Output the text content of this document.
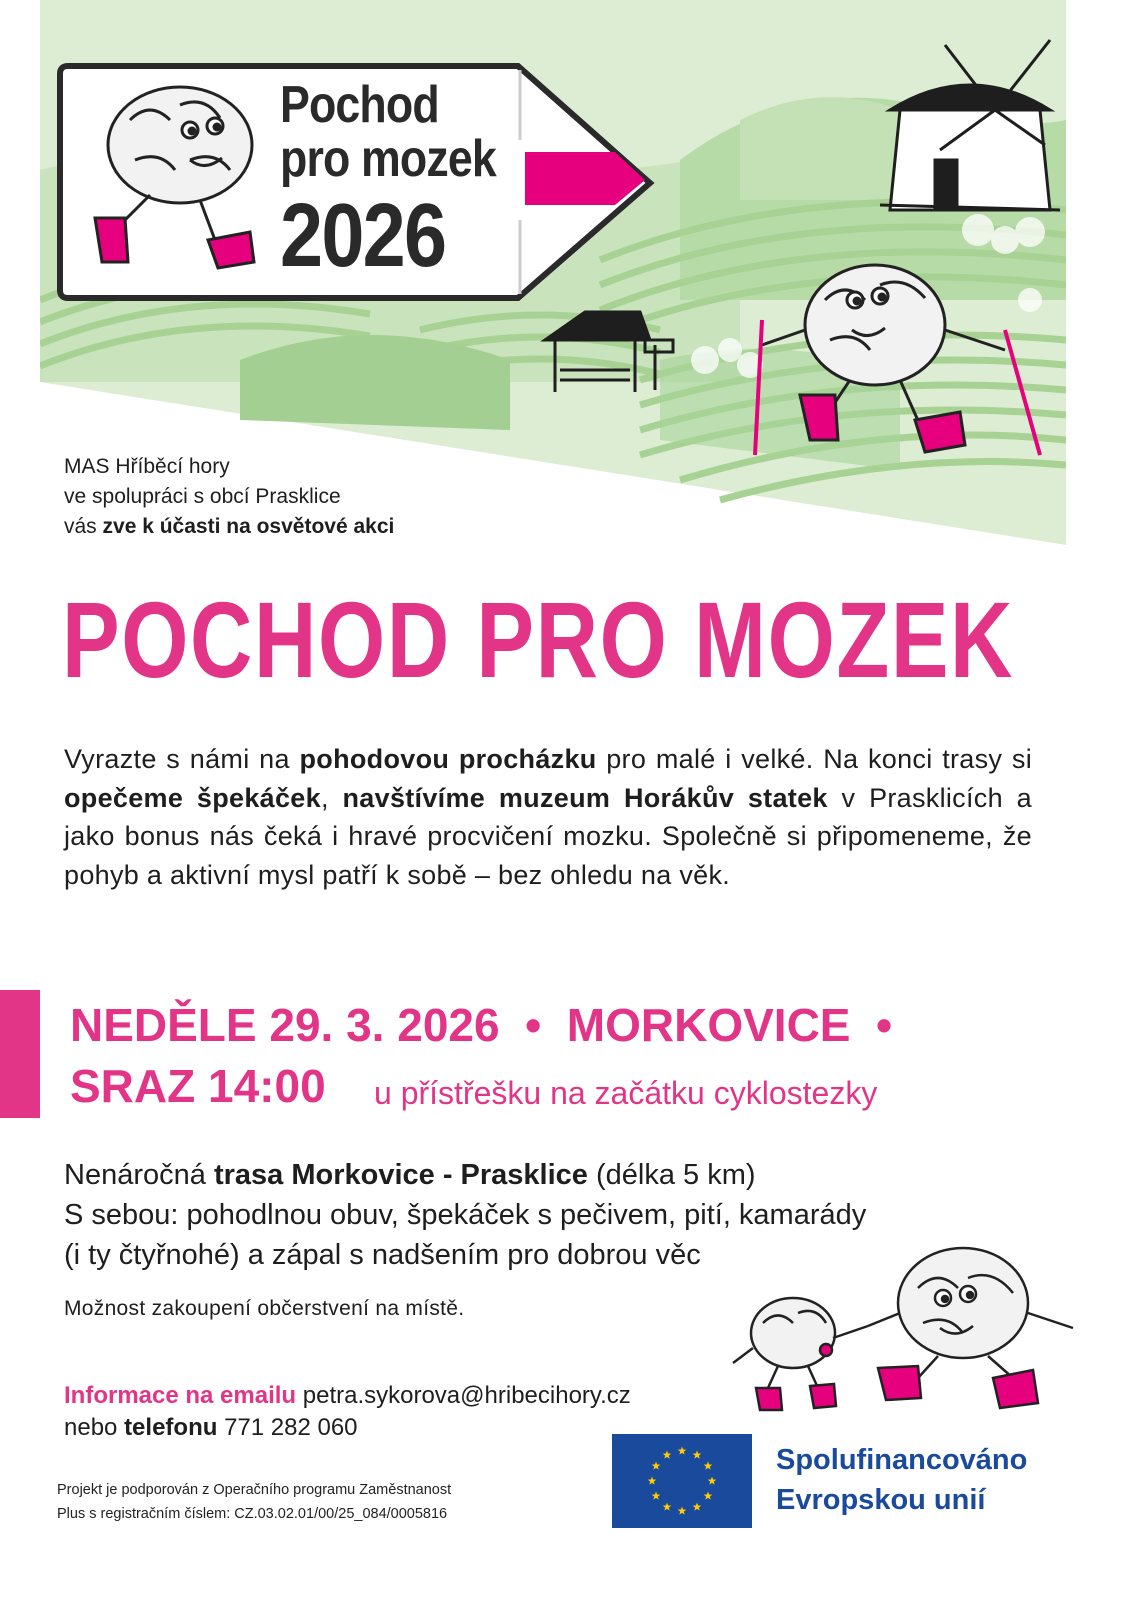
Pochod
pro mozek
2026
MAS Hříběcí hory
ve spolupráci s obcí Prasklice
vás zve k účasti na osvětové akci
POCHOD PRO MOZEK
Vyrazte s námi na pohodovou procházku pro malé i velké. Na konci trasy si opečeme špekáček, navštívíme muzeum Horákův statek v Prasklicích a jako bonus nás čeká i hravé procvičení mozku. Společně si připomeneme, že pohyb a aktivní mysl patří k sobě – bez ohledu na věk.
NEDĚLE 29. 3. 2026  •  MORKOVICE  •
SRAZ 14:00 u přístřešku na začátku cyklostezky
Nenáročná trasa Morkovice - Prasklice (délka 5 km)
S sebou: pohodlnou obuv, špekáček s pečivem, pití, kamarády
(i ty čtyřnohé) a zápal s nadšením pro dobrou věc
Možnost zakoupení občerstvení na místě.
Informace na emailu petra.sykorova@hribecihory.cz
nebo telefonu 771 282 060
Projekt je podporován z Operačního programu Zaměstnanost
Plus s registračním číslem: CZ.03.02.01/00/25_084/0005816
Spolufinancováno
Evropskou unií
